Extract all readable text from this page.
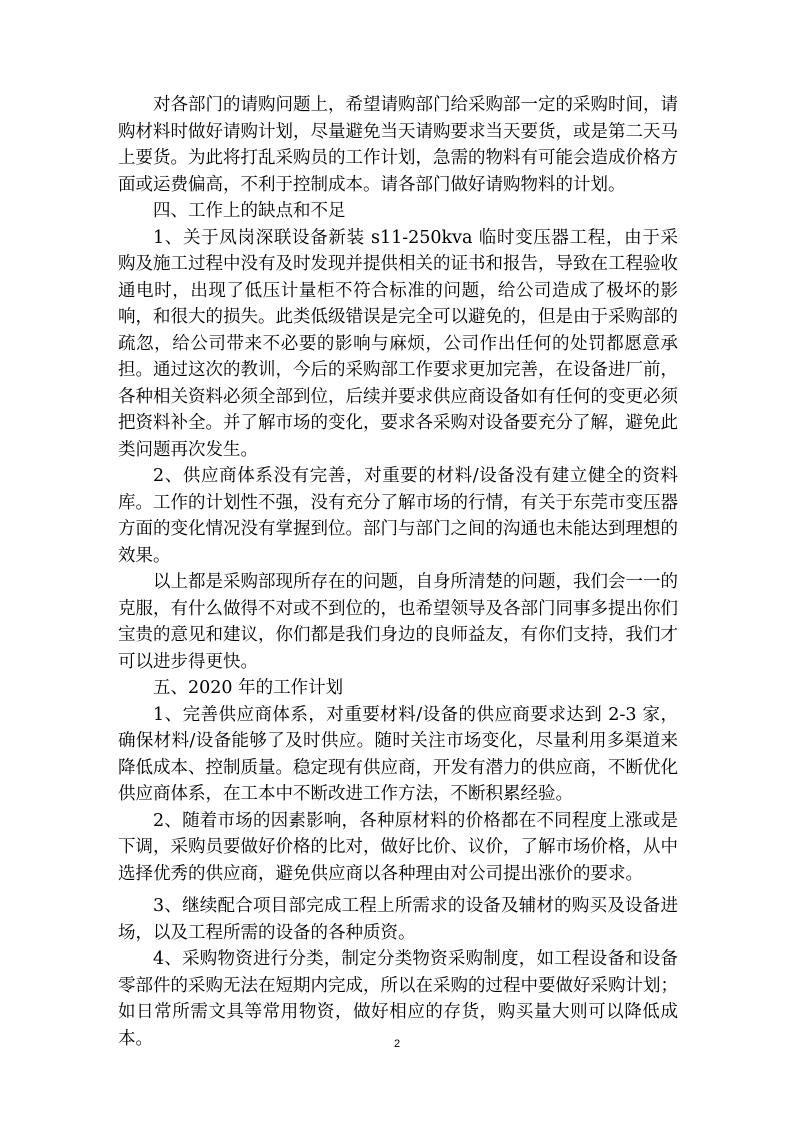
对各部门的请购问题上，希望请购部门给采购部一定的采购时间，请购材料时做好请购计划，尽量避免当天请购要求当天要货，或是第二天马上要货。为此将打乱采购员的工作计划，急需的物料有可能会造成价格方面或运费偏高，不利于控制成本。请各部门做好请购物料的计划。

四、工作上的缺点和不足

1、关于凤岗深联设备新装 s11-250kva 临时变压器工程，由于采购及施工过程中没有及时发现并提供相关的证书和报告，导致在工程验收通电时，出现了低压计量柜不符合标准的问题，给公司造成了极坏的影响，和很大的损失。此类低级错误是完全可以避免的，但是由于采购部的疏忽，给公司带来不必要的影响与麻烦，公司作出任何的处罚都愿意承担。通过这次的教训，今后的采购部工作要求更加完善，在设备进厂前，各种相关资料必须全部到位，后续并要求供应商设备如有任何的变更必须把资料补全。并了解市场的变化，要求各采购对设备要充分了解，避免此类问题再次发生。

2、供应商体系没有完善，对重要的材料/设备没有建立健全的资料库。工作的计划性不强，没有充分了解市场的行情，有关于东莞市变压器方面的变化情况没有掌握到位。部门与部门之间的沟通也未能达到理想的效果。

以上都是采购部现所存在的问题，自身所清楚的问题，我们会一一的克服，有什么做得不对或不到位的，也希望领导及各部门同事多提出你们宝贵的意见和建议，你们都是我们身边的良师益友，有你们支持，我们才可以进步得更快。

五、2020 年的工作计划

1、完善供应商体系，对重要材料/设备的供应商要求达到 2-3 家，确保材料/设备能够了及时供应。随时关注市场变化，尽量利用多渠道来降低成本、控制质量。稳定现有供应商，开发有潜力的供应商，不断优化供应商体系，在工本中不断改进工作方法，不断积累经验。

2、随着市场的因素影响，各种原材料的价格都在不同程度上涨或是下调，采购员要做好价格的比对，做好比价、议价，了解市场价格，从中选择优秀的供应商，避免供应商以各种理由对公司提出涨价的要求。

3、继续配合项目部完成工程上所需求的设备及辅材的购买及设备进场，以及工程所需的设备的各种质资。

4、采购物资进行分类，制定分类物资采购制度，如工程设备和设备零部件的采购无法在短期内完成，所以在采购的过程中要做好采购计划；如日常所需文具等常用物资，做好相应的存货，购买量大则可以降低成本。	2
